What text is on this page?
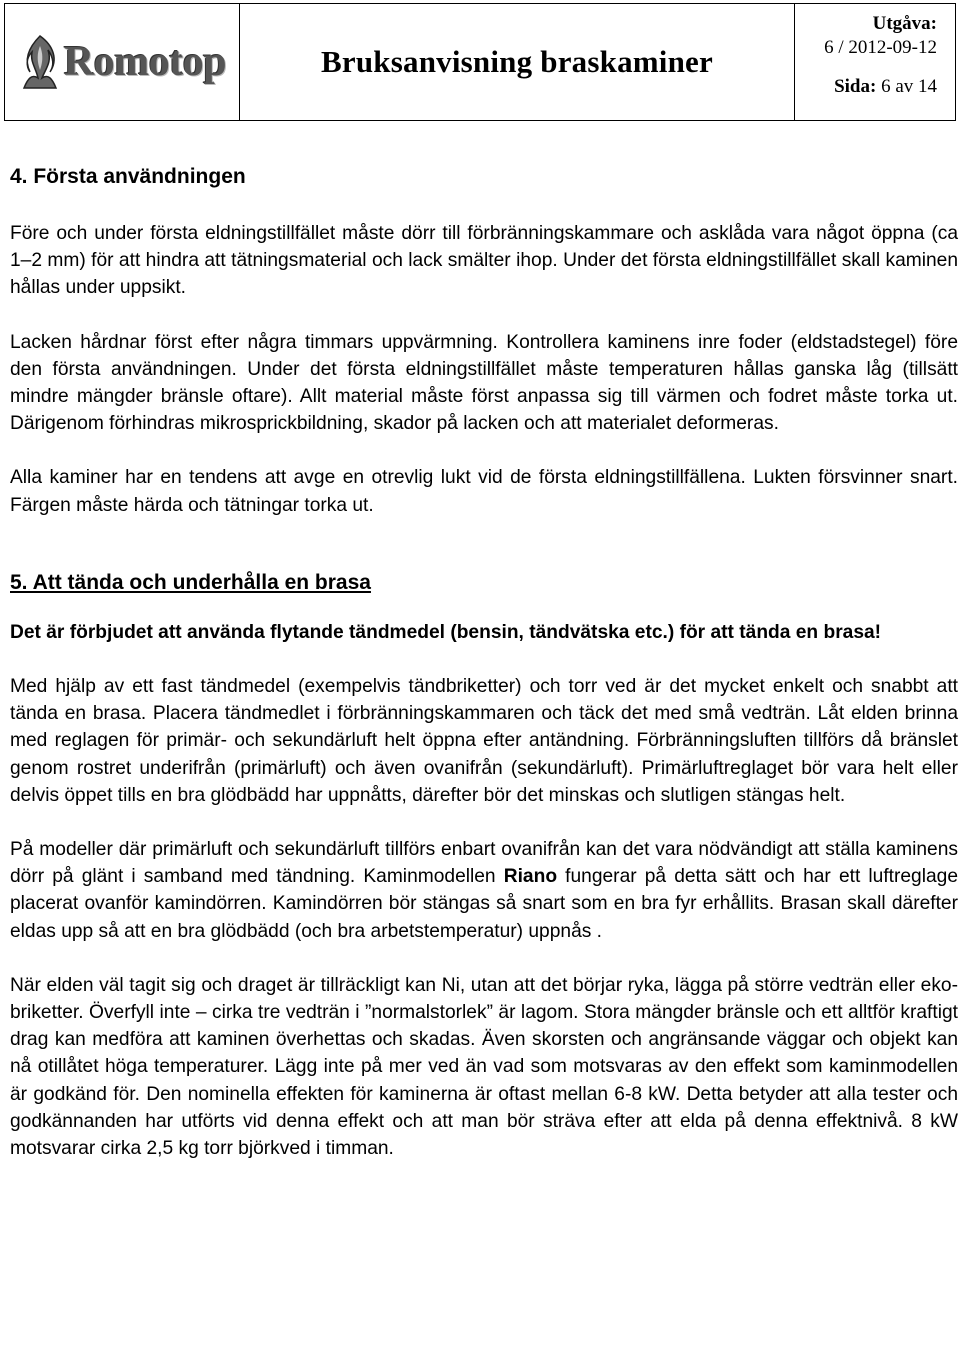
Romotop	Bruksanvisning braskaminer
Utgåva:
6 / 2012-09-12
Sida: 6 av 14
4. Första användningen

Före och under första eldningstillfället måste dörr till förbränningskammare och asklåda vara något öppna (ca 1–2 mm) för att hindra att tätningsmaterial och lack smälter ihop. Under det första eldningstillfället skall kaminen hållas under uppsikt.

Lacken hårdnar först efter några timmars uppvärmning. Kontrollera kaminens inre foder (eldstadstegel) före den första användningen. Under det första eldningstillfället måste temperaturen hållas ganska låg (tillsätt mindre mängder bränsle oftare). Allt material måste först anpassa sig till värmen och fodret måste torka ut. Därigenom förhindras mikrosprickbildning, skador på lacken och att materialet deformeras.

Alla kaminer har en tendens att avge en otrevlig lukt vid de första eldningstillfällena. Lukten försvinner snart. Färgen måste härda och tätningar torka ut.

5. Att tända och underhålla en brasa

Det är förbjudet att använda flytande tändmedel (bensin, tändvätska etc.) för att tända en brasa!

Med hjälp av ett fast tändmedel (exempelvis tändbriketter) och torr ved är det mycket enkelt och snabbt att tända en brasa. Placera tändmedlet i förbränningskammaren och täck det med små vedträn. Låt elden brinna med reglagen för primär- och sekundärluft helt öppna efter antändning. Förbränningsluften tillförs då bränslet genom rostret underifrån (primärluft) och även ovanifrån (sekundärluft). Primärluftreglaget bör vara helt eller delvis öppet tills en bra glödbädd har uppnåtts, därefter bör det minskas och slutligen stängas helt.

På modeller där primärluft och sekundärluft tillförs enbart ovanifrån kan det vara nödvändigt att ställa kaminens dörr på glänt i samband med tändning. Kaminmodellen Riano fungerar på detta sätt och har ett luftreglage placerat ovanför kamindörren. Kamindörren bör stängas så snart som en bra fyr erhållits. Brasan skall därefter eldas upp så att en bra glödbädd (och bra arbetstemperatur) uppnås .

När elden väl tagit sig och draget är tillräckligt kan Ni, utan att det börjar ryka, lägga på större vedträn eller eko-briketter. Överfyll inte – cirka tre vedträn i ”normalstorlek” är lagom. Stora mängder bränsle och ett alltför kraftigt drag kan medföra att kaminen överhettas och skadas. Även skorsten och angränsande väggar och objekt kan nå otillåtet höga temperaturer. Lägg inte på mer ved än vad som motsvaras av den effekt som kaminmodellen är godkänd för. Den nominella effekten för kaminerna är oftast mellan 6-8 kW. Detta betyder att alla tester och godkännanden har utförts vid denna effekt och att man bör sträva efter att elda på denna effektnivå. 8 kW motsvarar cirka 2,5 kg torr björkved i timman.
